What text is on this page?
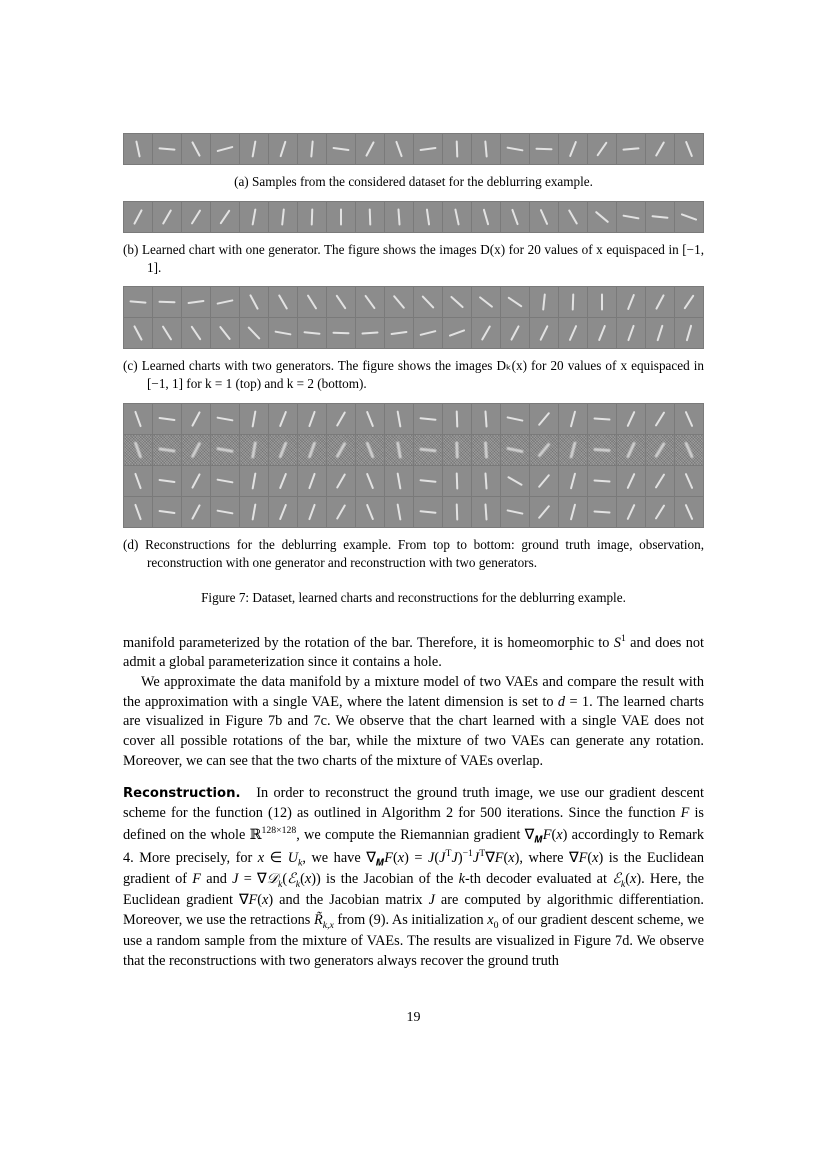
(a) Samples from the considered dataset for the deblurring example.
(b) Learned chart with one generator. The figure shows the images D(x) for 20 values of x equispaced in [−1, 1].
(c) Learned charts with two generators. The figure shows the images Dₖ(x) for 20 values of x equispaced in [−1, 1] for k = 1 (top) and k = 2 (bottom).
(d) Reconstructions for the deblurring example. From top to bottom: ground truth image, observation, reconstruction with one generator and reconstruction with two generators.
Figure 7: Dataset, learned charts and reconstructions for the deblurring example.

manifold parameterized by the rotation of the bar. Therefore, it is homeomorphic to $S^1$ and does not admit a global parameterization since it contains a hole.

We approximate the data manifold by a mixture model of two VAEs and compare the result with the approximation with a single VAE, where the latent dimension is set to d = 1. The learned charts are visualized in Figure 7b and 7c. We observe that the chart learned with a single VAE does not cover all possible rotations of the bar, while the mixture of two VAEs can generate any rotation. Moreover, we can see that the two charts of the mixture of VAEs overlap.

Reconstruction.   In order to reconstruct the ground truth image, we use our gradient descent scheme for the function (12) as outlined in Algorithm 2 for 500 iterations. Since the function F is defined on the whole ℝ$^{128\times 128}$, we compute the Riemannian gradient $\nabla_𝑴F(x)$ accordingly to Remark 4. More precisely, for x ∈ $U_k$, we have $\nabla_𝑴F(x) = J(J^TJ)^{-1}J^T\nabla F(x)$, where ∇F(x) is the Euclidean gradient of F and J = ∇𝒟$_k$(ℰ$_k$(x)) is the Jacobian of the k-th decoder evaluated at ℰ$_k$(x). Here, the Euclidean gradient ∇F(x) and the Jacobian matrix J are computed by algorithmic differentiation. Moreover, we use the retractions $R̃_{k,x}$ from (9). As initialization $x_0$ of our gradient descent scheme, we use a random sample from the mixture of VAEs. The results are visualized in Figure 7d. We observe that the reconstructions with two generators always recover the ground truth

19
